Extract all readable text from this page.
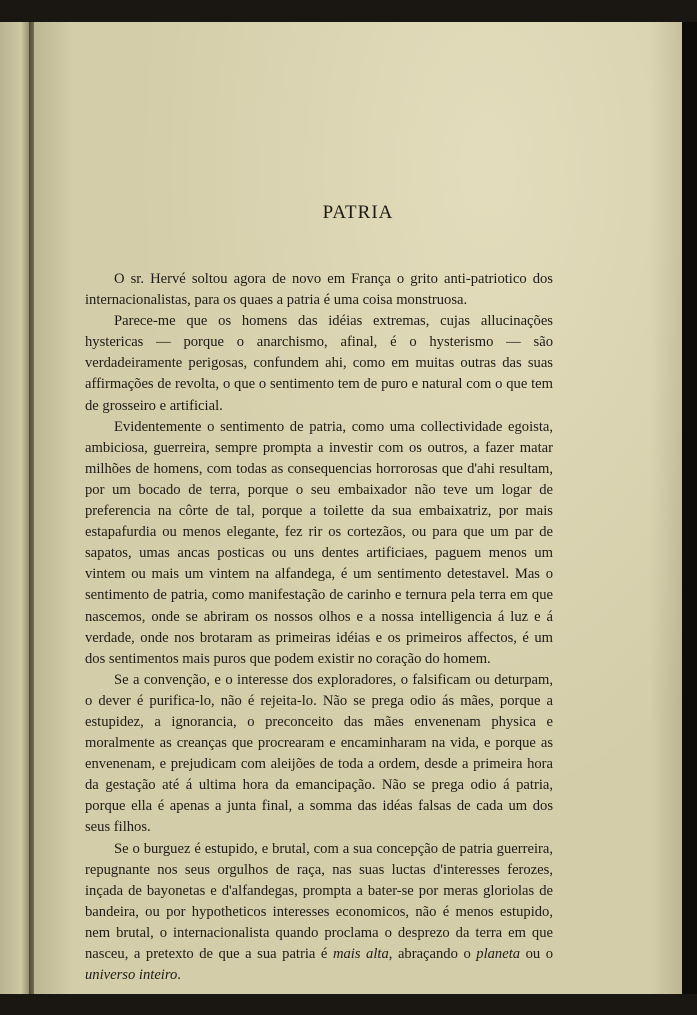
PATRIA

O sr. Hervé soltou agora de novo em França o grito anti-patriotico dos internacionalistas, para os quaes a patria é uma coisa monstruosa.

Parece-me que os homens das idéias extremas, cujas allucinações hystericas — porque o anarchismo, afinal, é o hysterismo — são verdadeiramente perigosas, confundem ahi, como em muitas outras das suas affirmações de revolta, o que o sentimento tem de puro e natural com o que tem de grosseiro e artificial.

Evidentemente o sentimento de patria, como uma collectividade egoista, ambiciosa, guerreira, sempre prompta a investir com os outros, a fazer matar milhões de homens, com todas as consequencias horrorosas que d'ahi resultam, por um bocado de terra, porque o seu embaixador não teve um logar de preferencia na côrte de tal, porque a toilette da sua embaixatriz, por mais estapafurdia ou menos elegante, fez rir os cortezãos, ou para que um par de sapatos, umas ancas posticas ou uns dentes artificiaes, paguem menos um vintem ou mais um vintem na alfandega, é um sentimento detestavel. Mas o sentimento de patria, como manifestação de carinho e ternura pela terra em que nascemos, onde se abriram os nossos olhos e a nossa intelligencia á luz e á verdade, onde nos brotaram as primeiras idéias e os primeiros affectos, é um dos sentimentos mais puros que podem existir no coração do homem.

Se a convenção, e o interesse dos exploradores, o falsificam ou deturpam, o dever é purifica-lo, não é rejeita-lo. Não se prega odio ás mães, porque a estupidez, a ignorancia, o preconceito das mães envenenam physica e moralmente as creanças que procrearam e encaminharam na vida, e porque as envenenam, e prejudicam com aleijões de toda a ordem, desde a primeira hora da gestação até á ultima hora da emancipação. Não se prega odio á patria, porque ella é apenas a junta final, a somma das idéas falsas de cada um dos seus filhos.

Se o burguez é estupido, e brutal, com a sua concepção de patria guerreira, repugnante nos seus orgulhos de raça, nas suas luctas d'interesses ferozes, inçada de bayonetas e d'alfandegas, prompta a bater-se por meras gloriolas de bandeira, ou por hypotheticos interesses economicos, não é menos estupido, nem brutal, o internacionalista quando proclama o desprezo da terra em que nasceu, a pretexto de que a sua patria é mais alta, abraçando o planeta ou o universo inteiro.
